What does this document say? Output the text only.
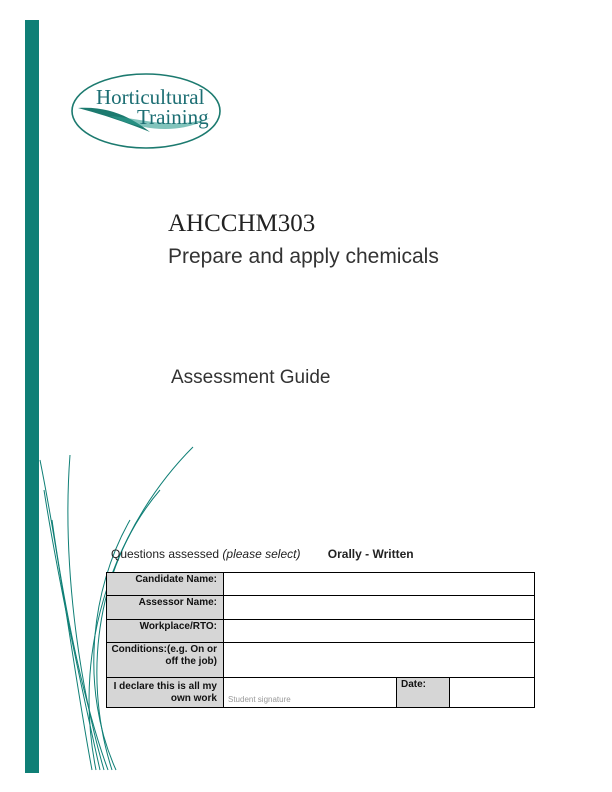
Horticultural
Training
AHCCHM303
Prepare and apply chemicals
Assessment Guide
Questions assessed (please select) Orally - Written
Candidate Name:			
Assessor Name:			
Workplace/RTO:			
Conditions:(e.g. On or off the job)			
I declare this is all my own work	Student signature	Date:	
